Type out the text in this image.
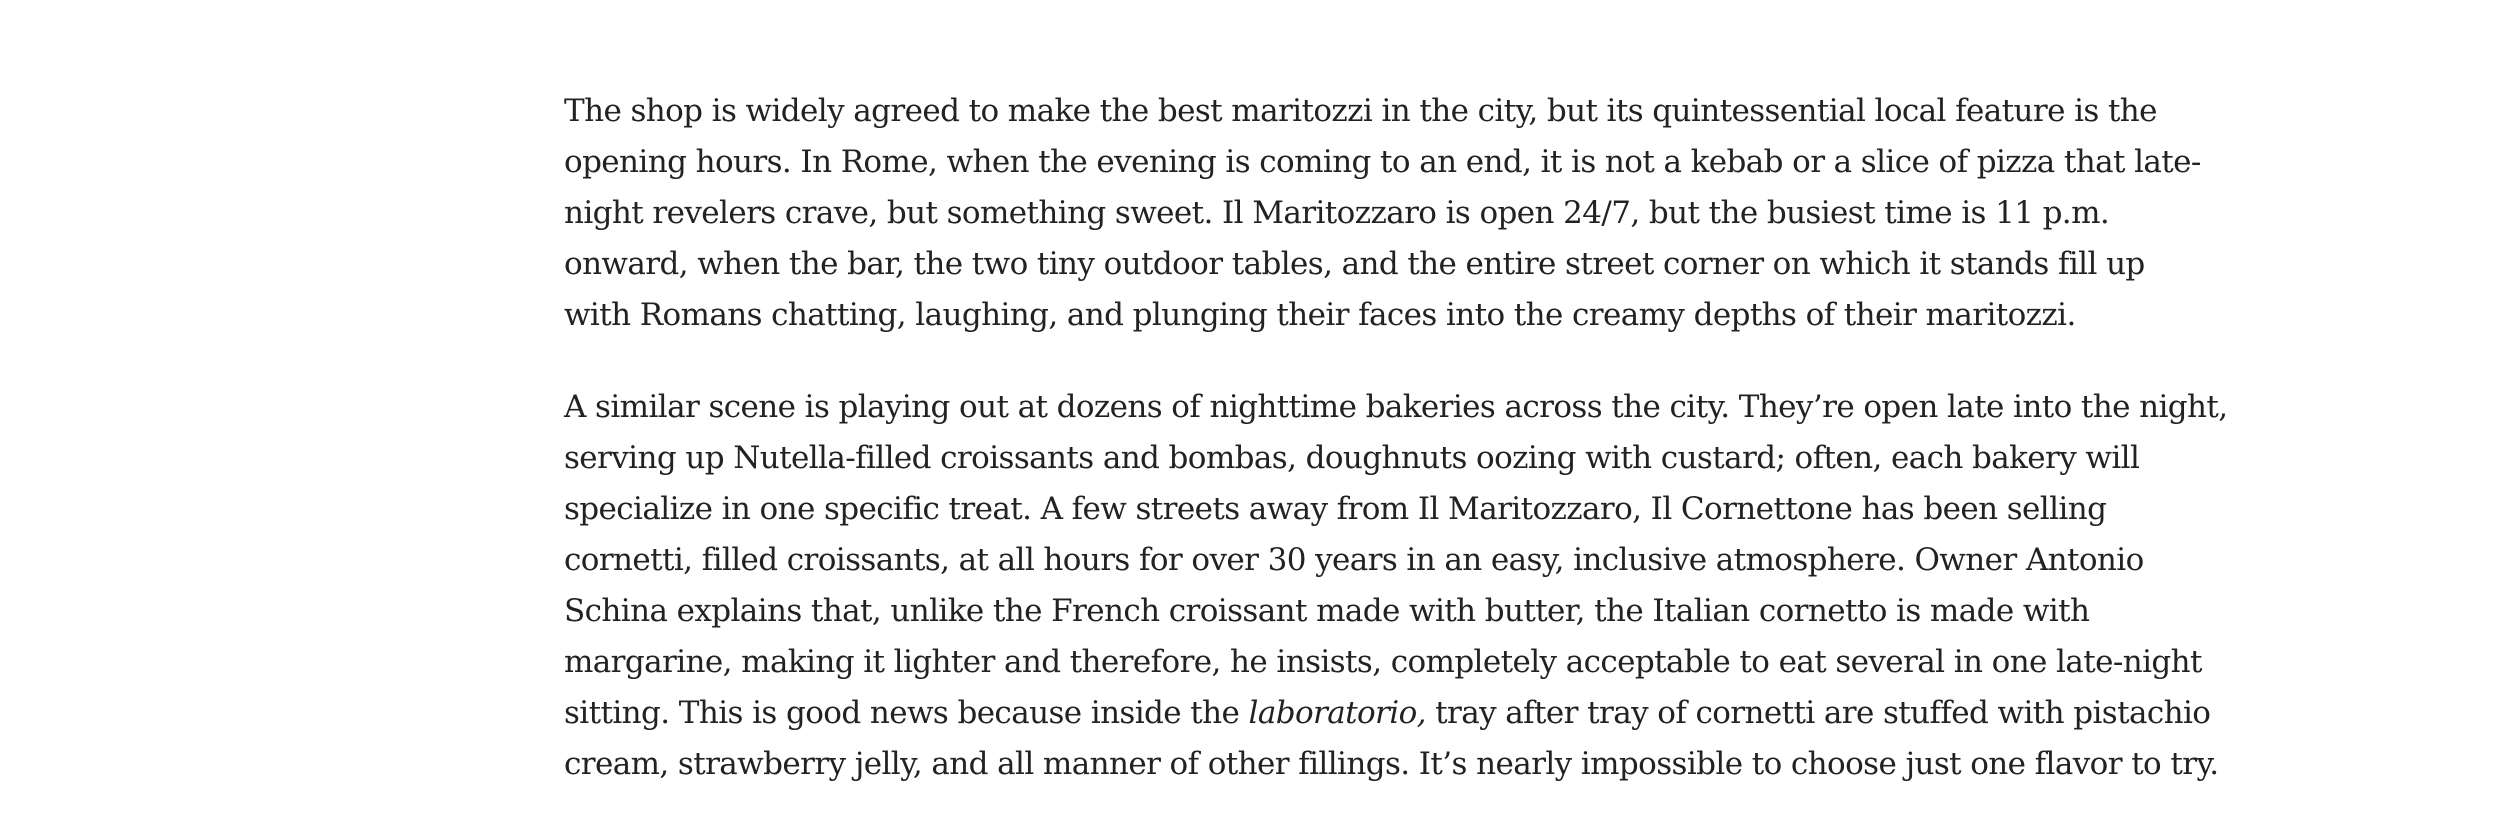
The shop is widely agreed to make the best maritozzi in the city, but its quintessential local feature is the
opening hours. In Rome, when the evening is coming to an end, it is not a kebab or a slice of pizza that late-
night revelers crave, but something sweet. Il Maritozzaro is open 24/7, but the busiest time is 11 p.m.
onward, when the bar, the two tiny outdoor tables, and the entire street corner on which it stands fill up
with Romans chatting, laughing, and plunging their faces into the creamy depths of their maritozzi.

A similar scene is playing out at dozens of nighttime bakeries across the city. They’re open late into the night,
serving up Nutella-filled croissants and bombas, doughnuts oozing with custard; often, each bakery will
specialize in one specific treat. A few streets away from Il Maritozzaro, Il Cornettone has been selling
cornetti, filled croissants, at all hours for over 30 years in an easy, inclusive atmosphere. Owner Antonio
Schina explains that, unlike the French croissant made with butter, the Italian cornetto is made with
margarine, making it lighter and therefore, he insists, completely acceptable to eat several in one late-night
sitting. This is good news because inside the laboratorio, tray after tray of cornetti are stuffed with pistachio
cream, strawberry jelly, and all manner of other fillings. It’s nearly impossible to choose just one flavor to try.
